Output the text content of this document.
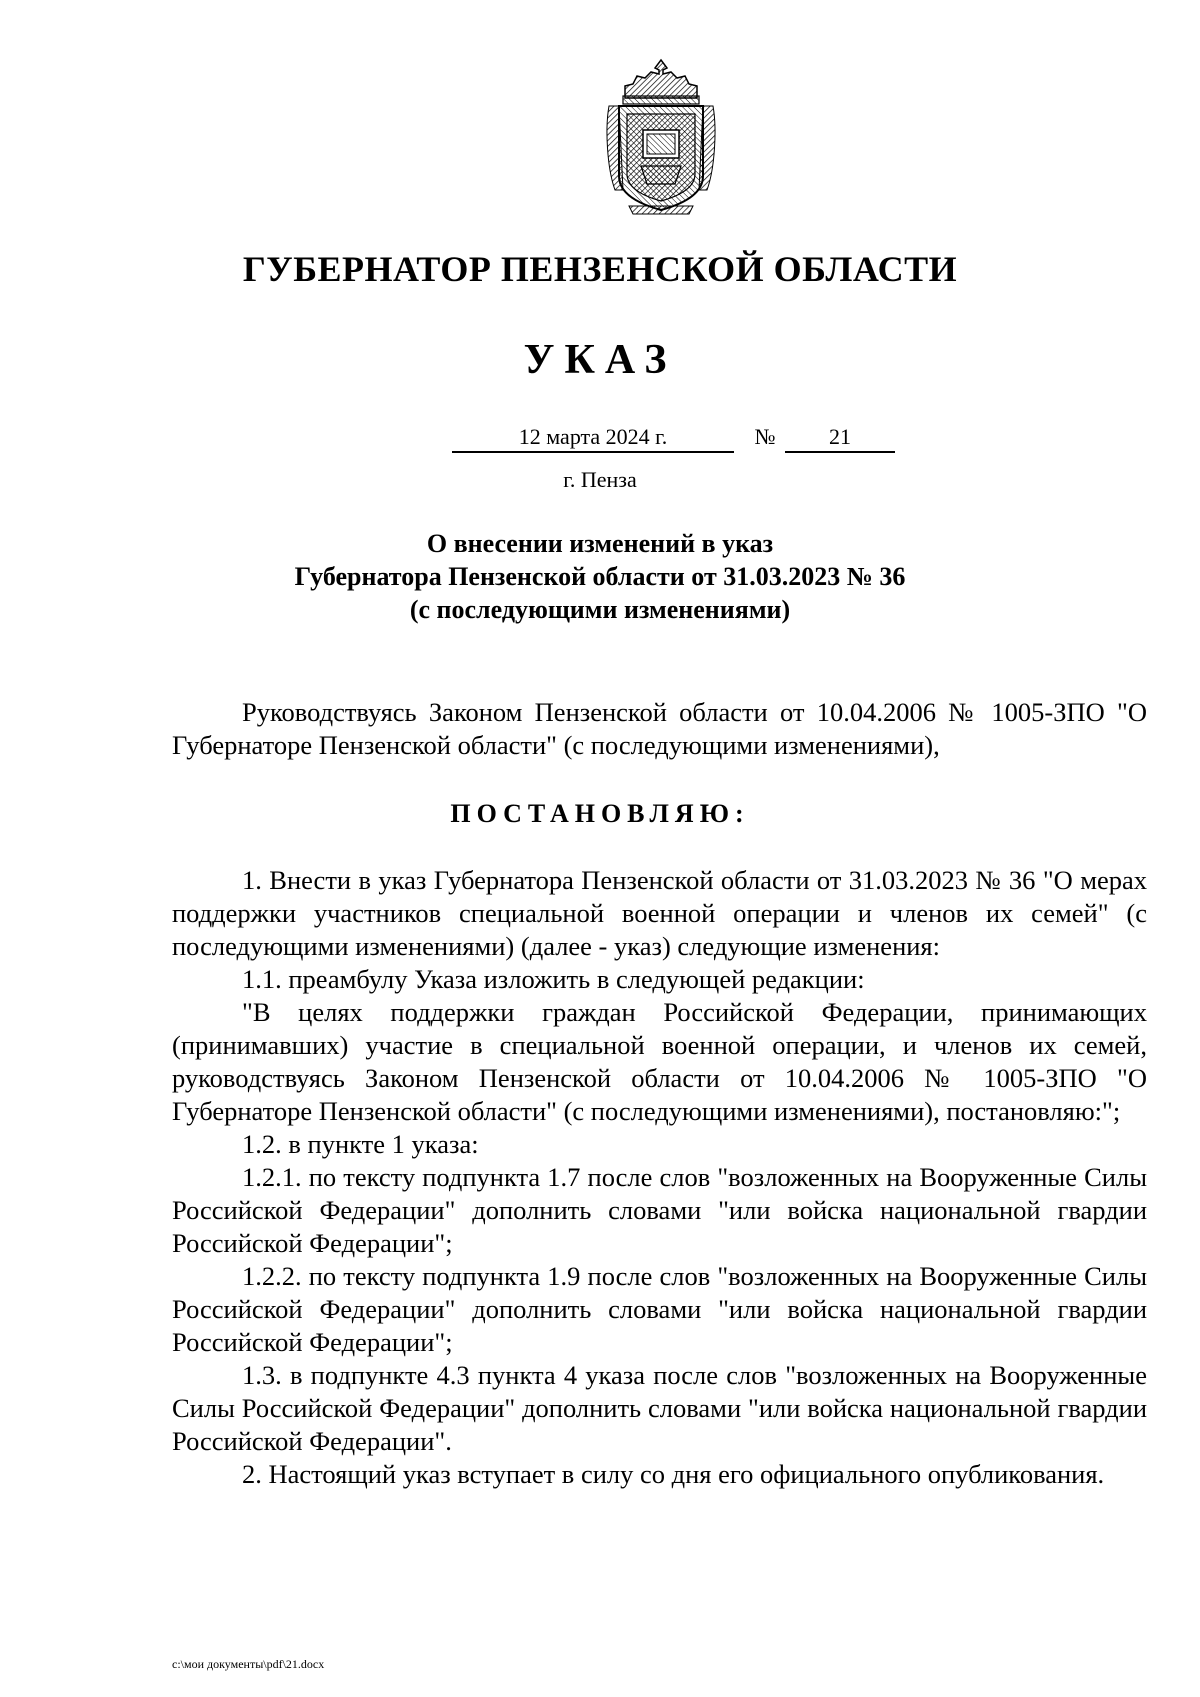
ГУБЕРНАТОР ПЕНЗЕНСКОЙ ОБЛАСТИ
УКАЗ
12 марта 2024 г.	№	21
г. Пенза
О внесении изменений в указ
Губернатора Пензенской области от 31.03.2023 № 36
(с последующими изменениями)

Руководствуясь Законом Пензенской области от 10.04.2006 № 1005-ЗПО "О Губернаторе Пензенской области" (с последующими изменениями),

ПОСТАНОВЛЯЮ:

1. Внести в указ Губернатора Пензенской области от 31.03.2023 № 36 "О мерах поддержки участников специальной военной операции и членов их семей" (с последующими изменениями) (далее - указ) следующие изменения:

1.1. преамбулу Указа изложить в следующей редакции:

"В целях поддержки граждан Российской Федерации, принимающих (принимавших) участие в специальной военной операции, и членов их семей, руководствуясь Законом Пензенской области от 10.04.2006 № 1005-ЗПО "О Губернаторе Пензенской области" (с последующими изменениями), постановляю:";

1.2. в пункте 1 указа:

1.2.1. по тексту подпункта 1.7 после слов "возложенных на Вооруженные Силы Российской Федерации" дополнить словами "или войска национальной гвардии Российской Федерации";

1.2.2. по тексту подпункта 1.9 после слов "возложенных на Вооруженные Силы Российской Федерации" дополнить словами "или войска национальной гвардии Российской Федерации";

1.3. в подпункте 4.3 пункта 4 указа после слов "возложенных на Вооруженные Силы Российской Федерации" дополнить словами "или войска национальной гвардии Российской Федерации".

2. Настоящий указ вступает в силу со дня его официального опубликования.

c:\мои документы\pdf\21.docx
